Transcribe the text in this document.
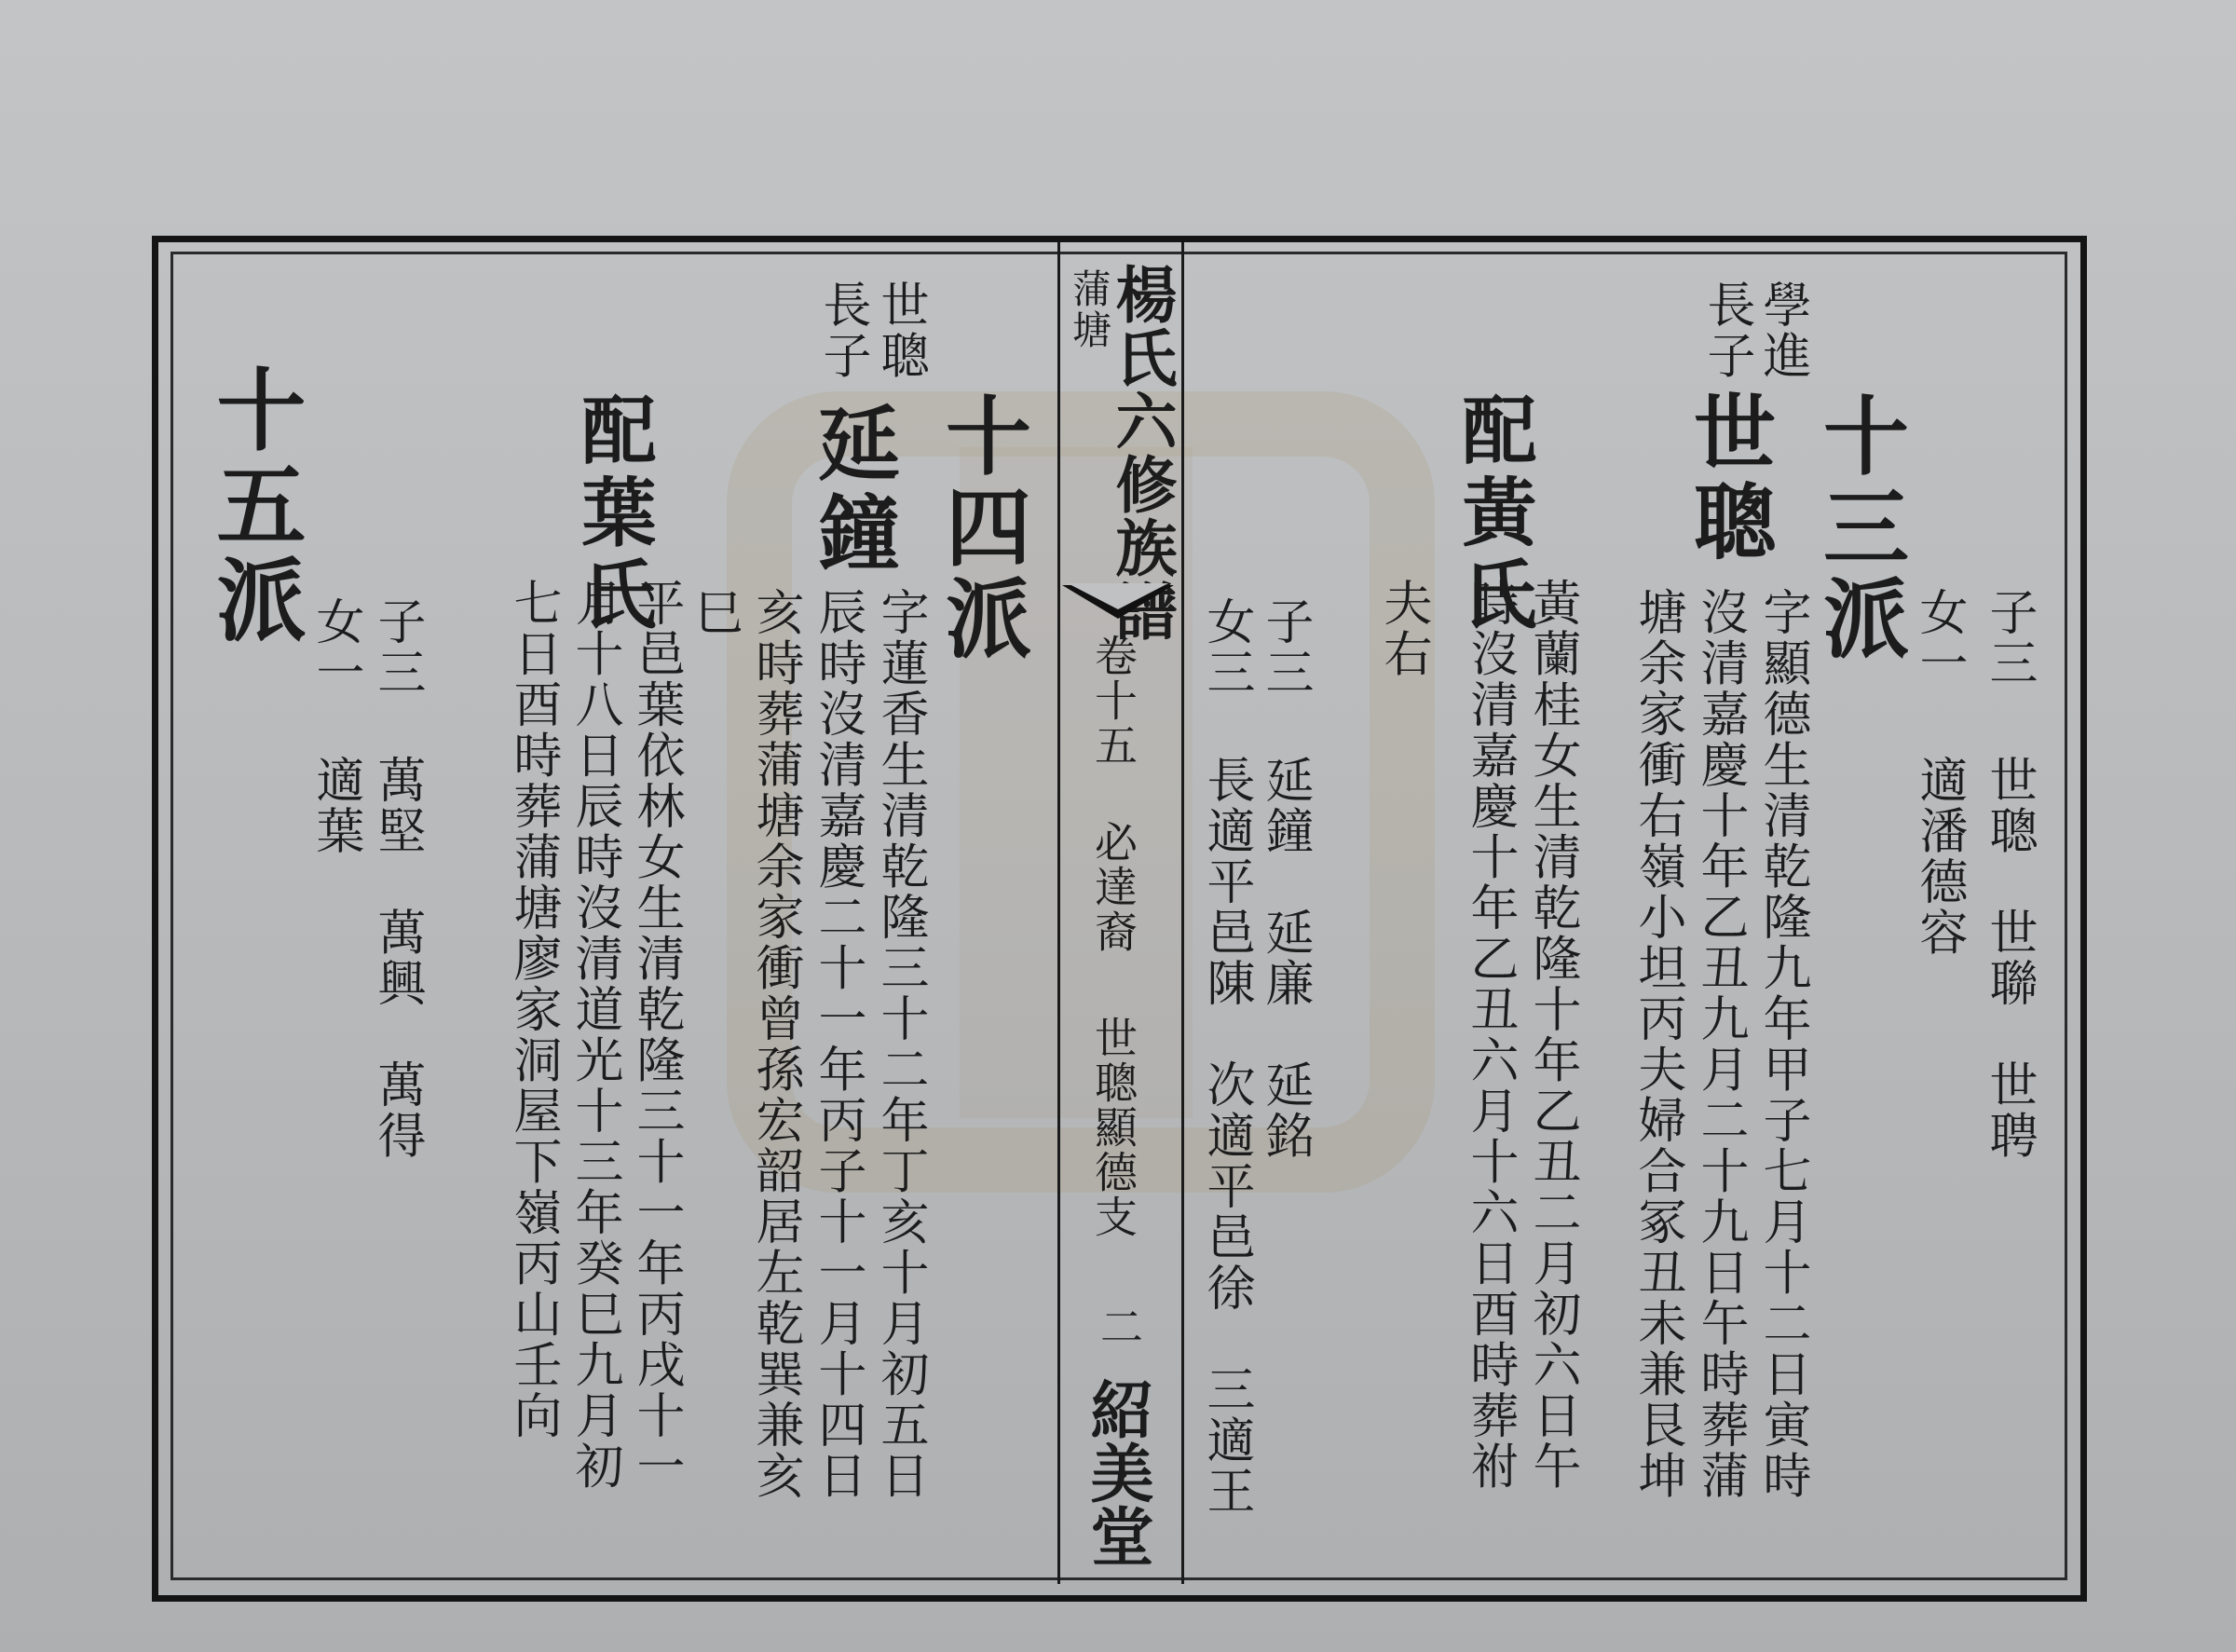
蒲塘
楊氏六修族譜
卷十五
必達裔
世聰顯德支
二
紹美堂
子三
世聰　世聯　世聘
女一
適潘德容
十三派
學進
長子
世聰
字顯德生清乾隆九年甲子七月十二日寅時
沒清嘉慶十年乙丑九月二十九日午時葬蒲
塘余家衝右嶺小坦丙夫婦合冢丑未兼艮坤
配黃氏
黃蘭桂女生清乾隆十年乙丑二月初六日午
時沒清嘉慶十年乙丑六月十六日酉時葬祔
夫右
子三
延鐘　延廉　延銘
女三
長適平邑陳　次適平邑徐　三適王
十四派
世聰
長子
延鐘
字蓮香生清乾隆三十二年丁亥十月初五日
辰時沒清嘉慶二十一年丙子十一月十四日
亥時葬蒲塘余家衝曾孫宏韶居左乾巽兼亥
巳
配葉氏
平邑葉依林女生清乾隆三十一年丙戌十一
月十八日辰時沒清道光十三年癸巳九月初
七日酉時葬蒲塘廖家洞屋下嶺丙山壬向
子三
萬堅　萬興　萬得
女一
適葉
十五派
